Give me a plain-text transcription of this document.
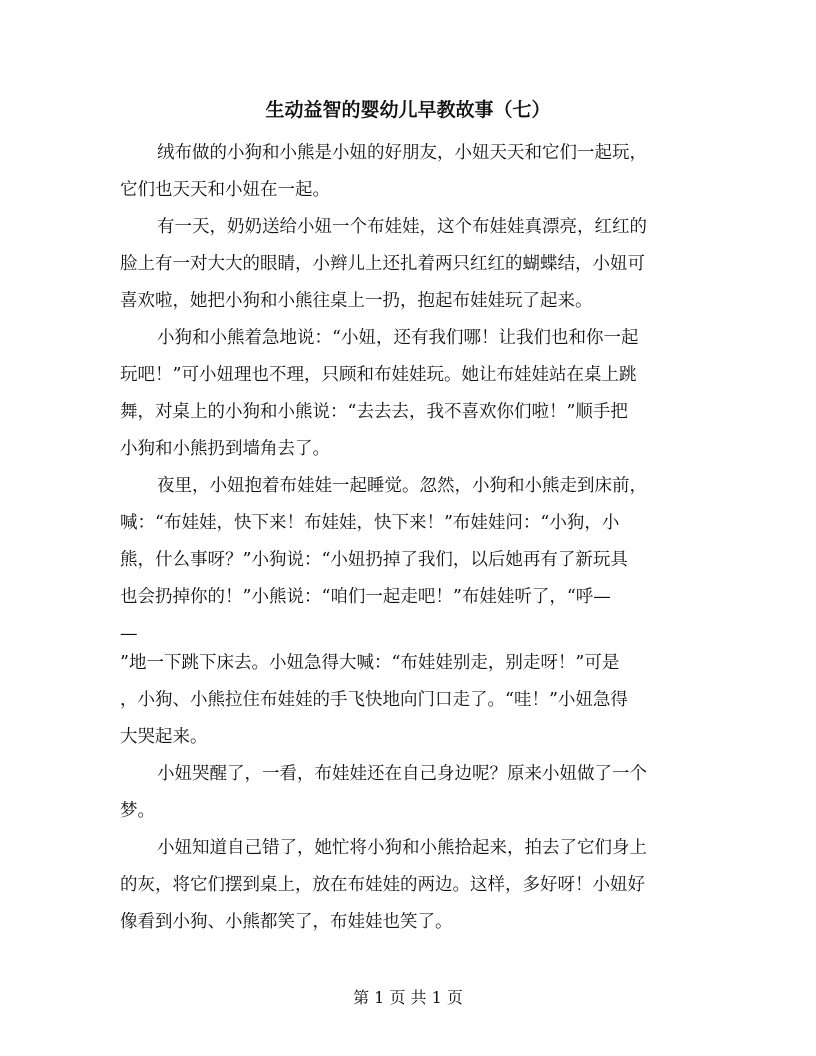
生动益智的婴幼儿早教故事（七）

绒布做的小狗和小熊是小妞的好朋友，小妞天天和它们一起玩，

它们也天天和小妞在一起。

有一天，奶奶送给小妞一个布娃娃，这个布娃娃真漂亮，红红的

脸上有一对大大的眼睛，小辫儿上还扎着两只红红的蝴蝶结，小妞可

喜欢啦，她把小狗和小熊往桌上一扔，抱起布娃娃玩了起来。

小狗和小熊着急地说：“小妞，还有我们哪！让我们也和你一起

玩吧！”可小妞理也不理，只顾和布娃娃玩。她让布娃娃站在桌上跳

舞，对桌上的小狗和小熊说：“去去去，我不喜欢你们啦！”顺手把

小狗和小熊扔到墙角去了。

夜里，小妞抱着布娃娃一起睡觉。忽然，小狗和小熊走到床前，

喊：“布娃娃，快下来！布娃娃，快下来！”布娃娃问：“小狗，小

熊，什么事呀？”小狗说：“小妞扔掉了我们，以后她再有了新玩具

也会扔掉你的！”小熊说：“咱们一起走吧！”布娃娃听了，“呼—

—

”地一下跳下床去。小妞急得大喊：“布娃娃别走，别走呀！”可是

，小狗、小熊拉住布娃娃的手飞快地向门口走了。“哇！”小妞急得

大哭起来。

小妞哭醒了，一看，布娃娃还在自己身边呢？原来小妞做了一个

梦。

小妞知道自己错了，她忙将小狗和小熊拾起来，拍去了它们身上

的灰，将它们摆到桌上，放在布娃娃的两边。这样，多好呀！小妞好

像看到小狗、小熊都笑了，布娃娃也笑了。

第 1 页 共 1 页
